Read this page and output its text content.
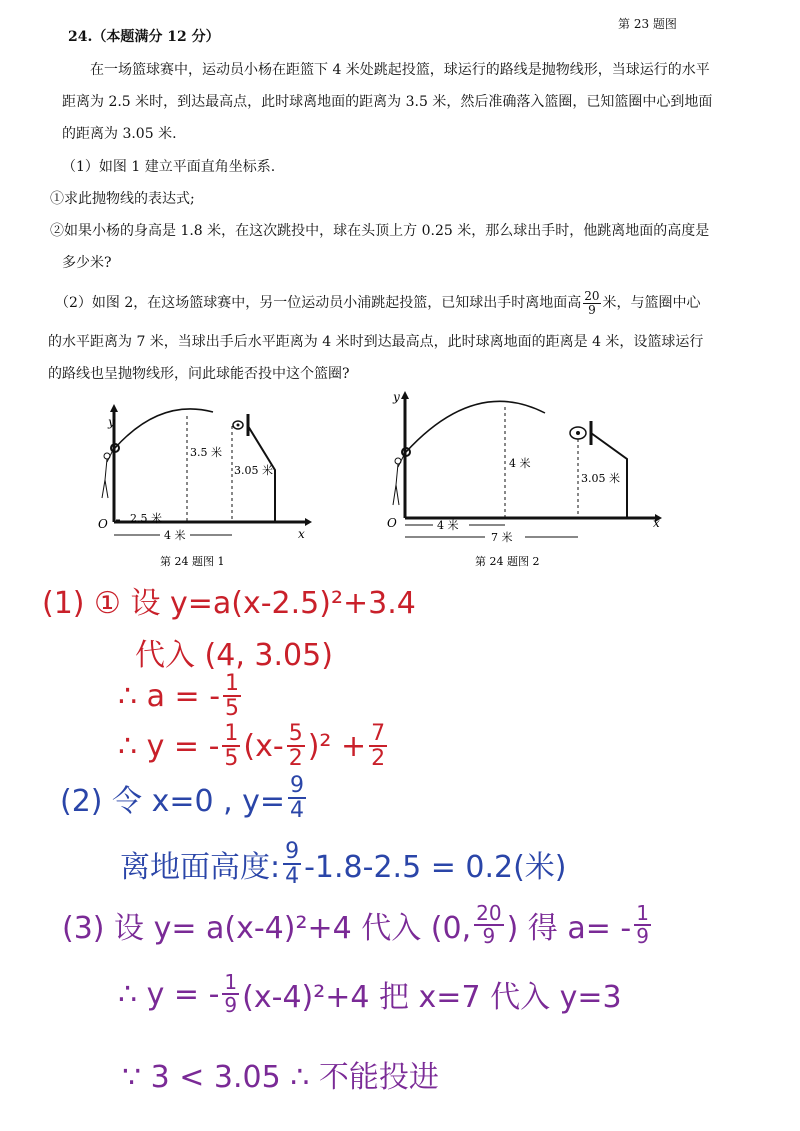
第 23 题图
24.（本题满分 12 分）
在一场篮球赛中，运动员小杨在距篮下 4 米处跳起投篮，球运行的路线是抛物线形，当球运行的水平
距离为 2.5 米时，到达最高点，此时球离地面的距离为 3.5 米，然后准确落入篮圈，已知篮圈中心到地面
的距离为 3.05 米.
（1）如图 1 建立平面直角坐标系.
①求此抛物线的表达式;
②如果小杨的身高是 1.8 米，在这次跳投中，球在头顶上方 0.25 米，那么球出手时，他跳离地面的高度是
多少米?
（2）如图 2，在这场篮球赛中，另一位运动员小浦跳起投篮，已知球出手时离地面高 $\frac{20}{9}$ 米，与篮圈中心
的水平距离为 7 米，当球出手后水平距离为 4 米时到达最高点，此时球离地面的距离是 4 米，设篮球运行
的路线也呈抛物线形，问此球能否投中这个篮圈?
y
x
O
3.5 米
3.05 米
2.5 米
4 米
第 24 题图 1
y
x
O
4 米
3.05 米
4 米
7 米
第 24 题图 2
(1) ① 设 y=a(x-2.5)²+3.4
代入 (4, 3.05)
∴ a = - $\frac{1}{5}$
∴ y = - $\frac{1}{5} (x- \frac{5}{2} )^2 + \frac{7}{2}$
(2) 令 x=0 , $y= \frac{9}{4}$
离地面高度: $\frac{9}{4} -1.8-2.5 = 0.2$(米)
(3) 设 y= a(x-4)²+4 代入 (0, $\frac{20}{9}$ ) 得 $a= - \frac{1}{9}$
∴ y = - $\frac{1}{9} (x-4)^2+4$ 把 x=7 代入 y=3
∵ 3 < 3.05 ∴ 不能投进
